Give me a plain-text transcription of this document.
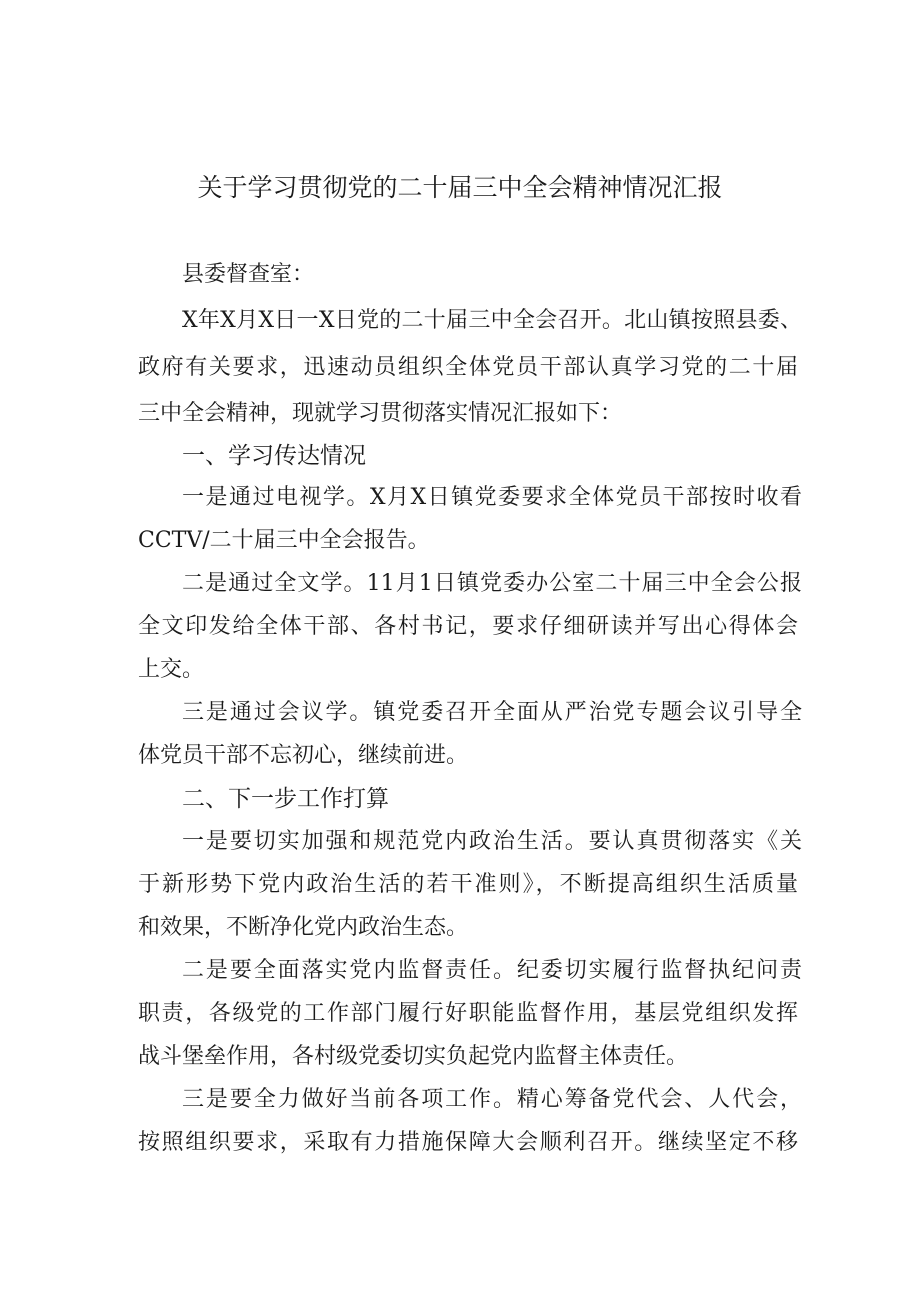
关于学习贯彻党的二十届三中全会精神情况汇报
县委督查室：
X年X月X日一X日党的二十届三中全会召开。北山镇按照县委、
政府有关要求，迅速动员组织全体党员干部认真学习党的二十届
三中全会精神，现就学习贯彻落实情况汇报如下：
一、学习传达情况
一是通过电视学。X月X日镇党委要求全体党员干部按时收看
CCTV/二十届三中全会报告。
二是通过全文学。11月1日镇党委办公室二十届三中全会公报
全文印发给全体干部、各村书记，要求仔细研读并写出心得体会
上交。
三是通过会议学。镇党委召开全面从严治党专题会议引导全
体党员干部不忘初心，继续前进。
二、下一步工作打算
一是要切实加强和规范党内政治生活。要认真贯彻落实《关
于新形势下党内政治生活的若干准则》，不断提高组织生活质量
和效果，不断净化党内政治生态。
二是要全面落实党内监督责任。纪委切实履行监督执纪问责
职责，各级党的工作部门履行好职能监督作用，基层党组织发挥
战斗堡垒作用，各村级党委切实负起党内监督主体责任。
三是要全力做好当前各项工作。精心筹备党代会、人代会，
按照组织要求，采取有力措施保障大会顺利召开。继续坚定不移
